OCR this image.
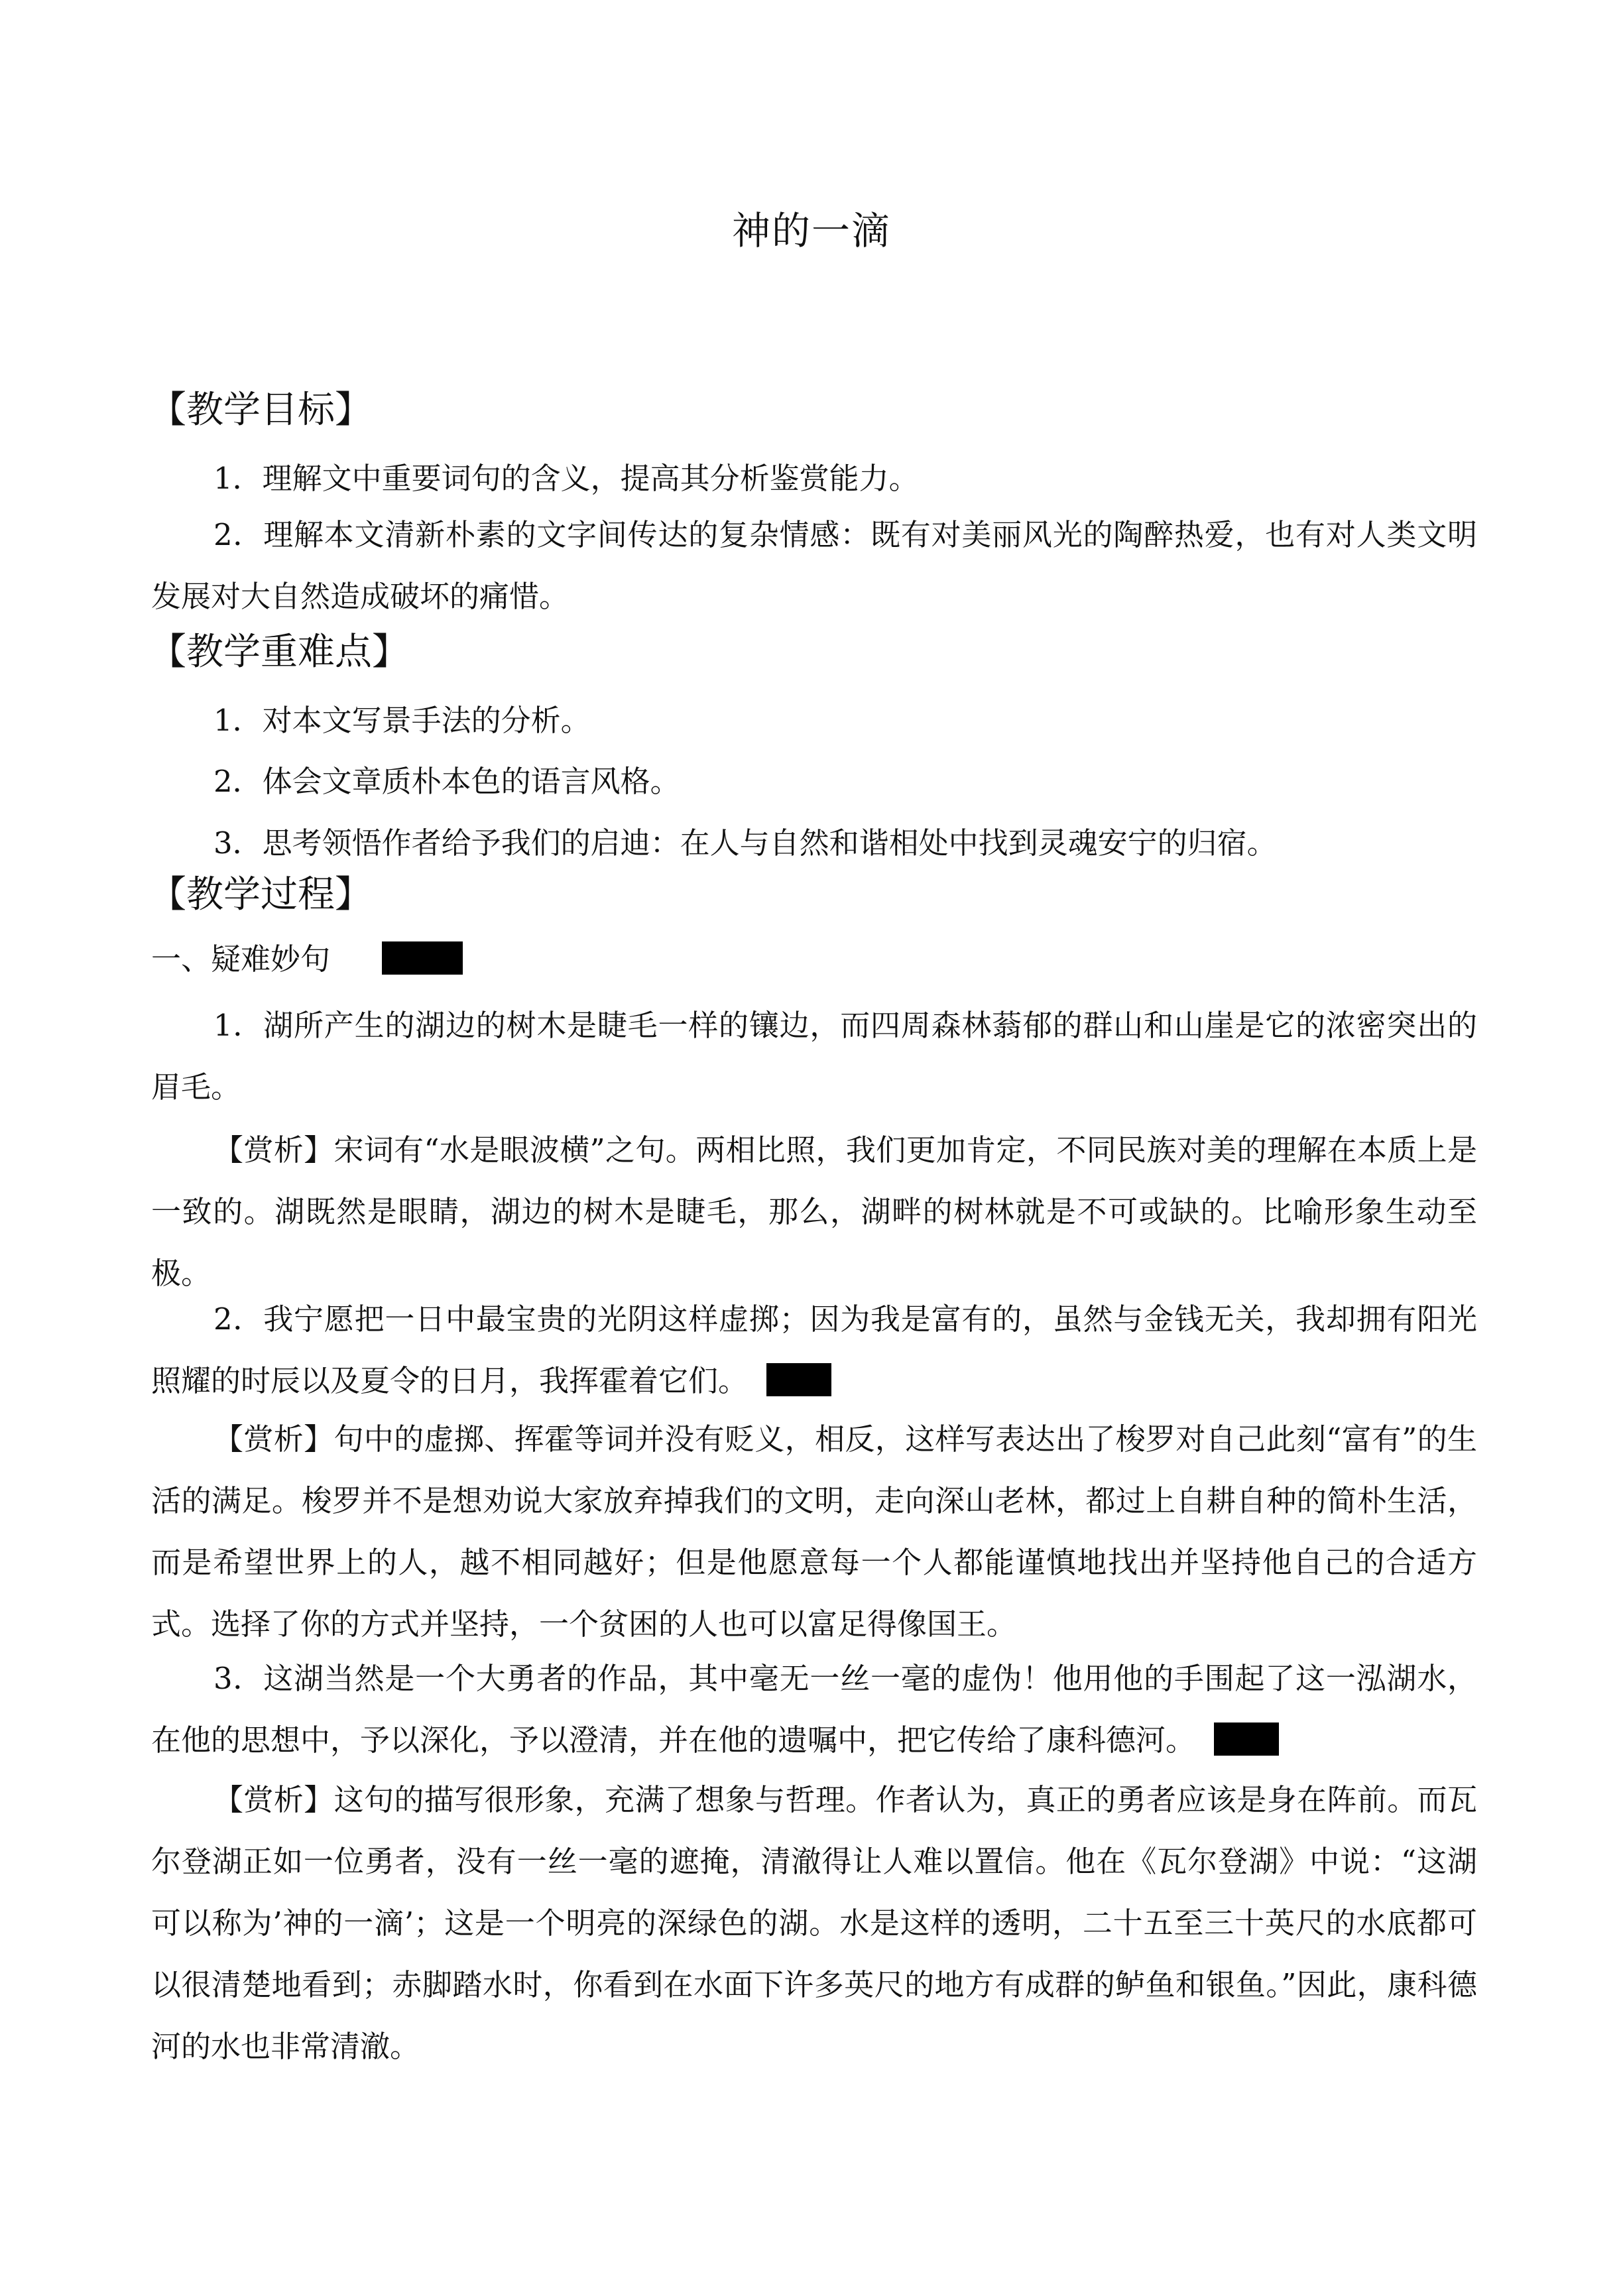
神的一滴
【教学目标】
1．理解文中重要词句的含义，提高其分析鉴赏能力。
2．理解本文清新朴素的文字间传达的复杂情感：既有对美丽风光的陶醉热爱，也有对人类文明发展对大自然造成破坏的痛惜。
【教学重难点】
1．对本文写景手法的分析。
2．体会文章质朴本色的语言风格。
3．思考领悟作者给予我们的启迪：在人与自然和谐相处中找到灵魂安宁的归宿。
【教学过程】
一、疑难妙句
1．湖所产生的湖边的树木是睫毛一样的镶边，而四周森林蓊郁的群山和山崖是它的浓密突出的眉毛。
【赏析】宋词有“水是眼波横”之句。两相比照，我们更加肯定，不同民族对美的理解在本质上是一致的。湖既然是眼睛，湖边的树木是睫毛，那么，湖畔的树林就是不可或缺的。比喻形象生动至极。
2．我宁愿把一日中最宝贵的光阴这样虚掷；因为我是富有的，虽然与金钱无关，我却拥有阳光照耀的时辰以及夏令的日月，我挥霍着它们。
【赏析】句中的虚掷、挥霍等词并没有贬义，相反，这样写表达出了梭罗对自己此刻“富有”的生活的满足。梭罗并不是想劝说大家放弃掉我们的文明，走向深山老林，都过上自耕自种的简朴生活，而是希望世界上的人，越不相同越好；但是他愿意每一个人都能谨慎地找出并坚持他自己的合适方式。选择了你的方式并坚持，一个贫困的人也可以富足得像国王。
3．这湖当然是一个大勇者的作品，其中毫无一丝一毫的虚伪！他用他的手围起了这一泓湖水，在他的思想中，予以深化，予以澄清，并在他的遗嘱中，把它传给了康科德河。
【赏析】这句的描写很形象，充满了想象与哲理。作者认为，真正的勇者应该是身在阵前。而瓦尔登湖正如一位勇者，没有一丝一毫的遮掩，清澈得让人难以置信。他在《瓦尔登湖》中说：“这湖可以称为’神的一滴’；这是一个明亮的深绿色的湖。水是这样的透明，二十五至三十英尺的水底都可以很清楚地看到；赤脚踏水时，你看到在水面下许多英尺的地方有成群的鲈鱼和银鱼。”因此，康科德河的水也非常清澈。
